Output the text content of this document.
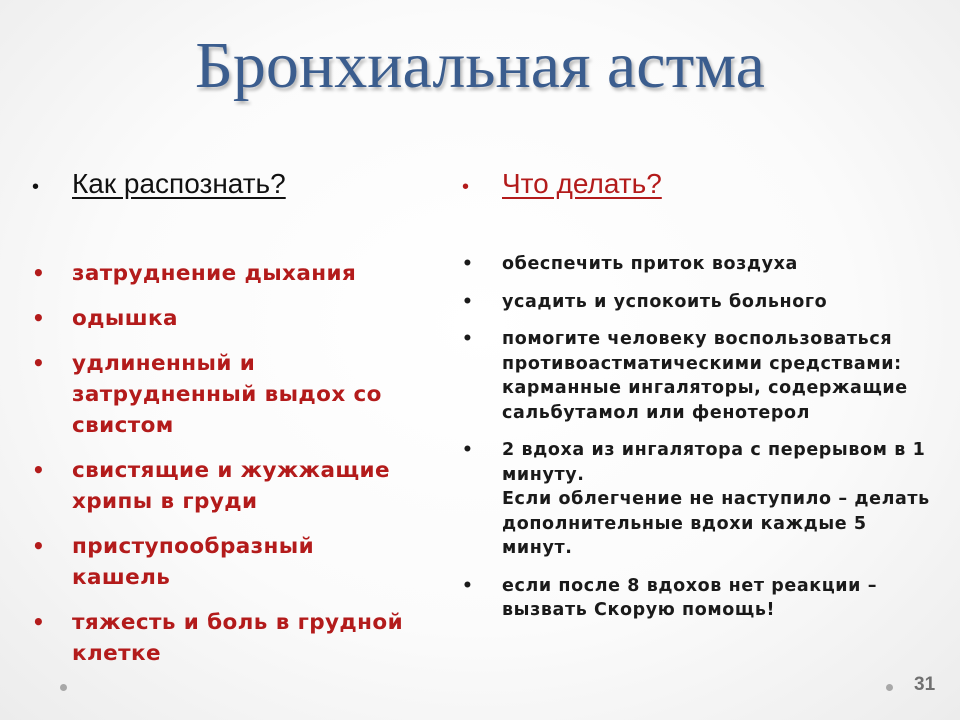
Бронхиальная астма
•	Как распознать?
•	затруднение дыхания
•	одышка
•	удлиненный и затрудненный выдох со свистом
•	свистящие и жужжащие хрипы в груди
•	приступообразный кашель
•	тяжесть и боль в грудной клетке
•	Что делать?
•	обеспечить приток воздуха
•	усадить и успокоить больного
•	помогите человеку воспользоваться противоастматическими средствами:
карманные ингаляторы, содержащие сальбутамол или фенотерол
•	2 вдоха из ингалятора с перерывом в 1 минуту.
Если облегчение не наступило – делать дополнительные вдохи каждые 5 минут.
•	если после 8 вдохов нет реакции – вызвать Скорую помощь!
31
